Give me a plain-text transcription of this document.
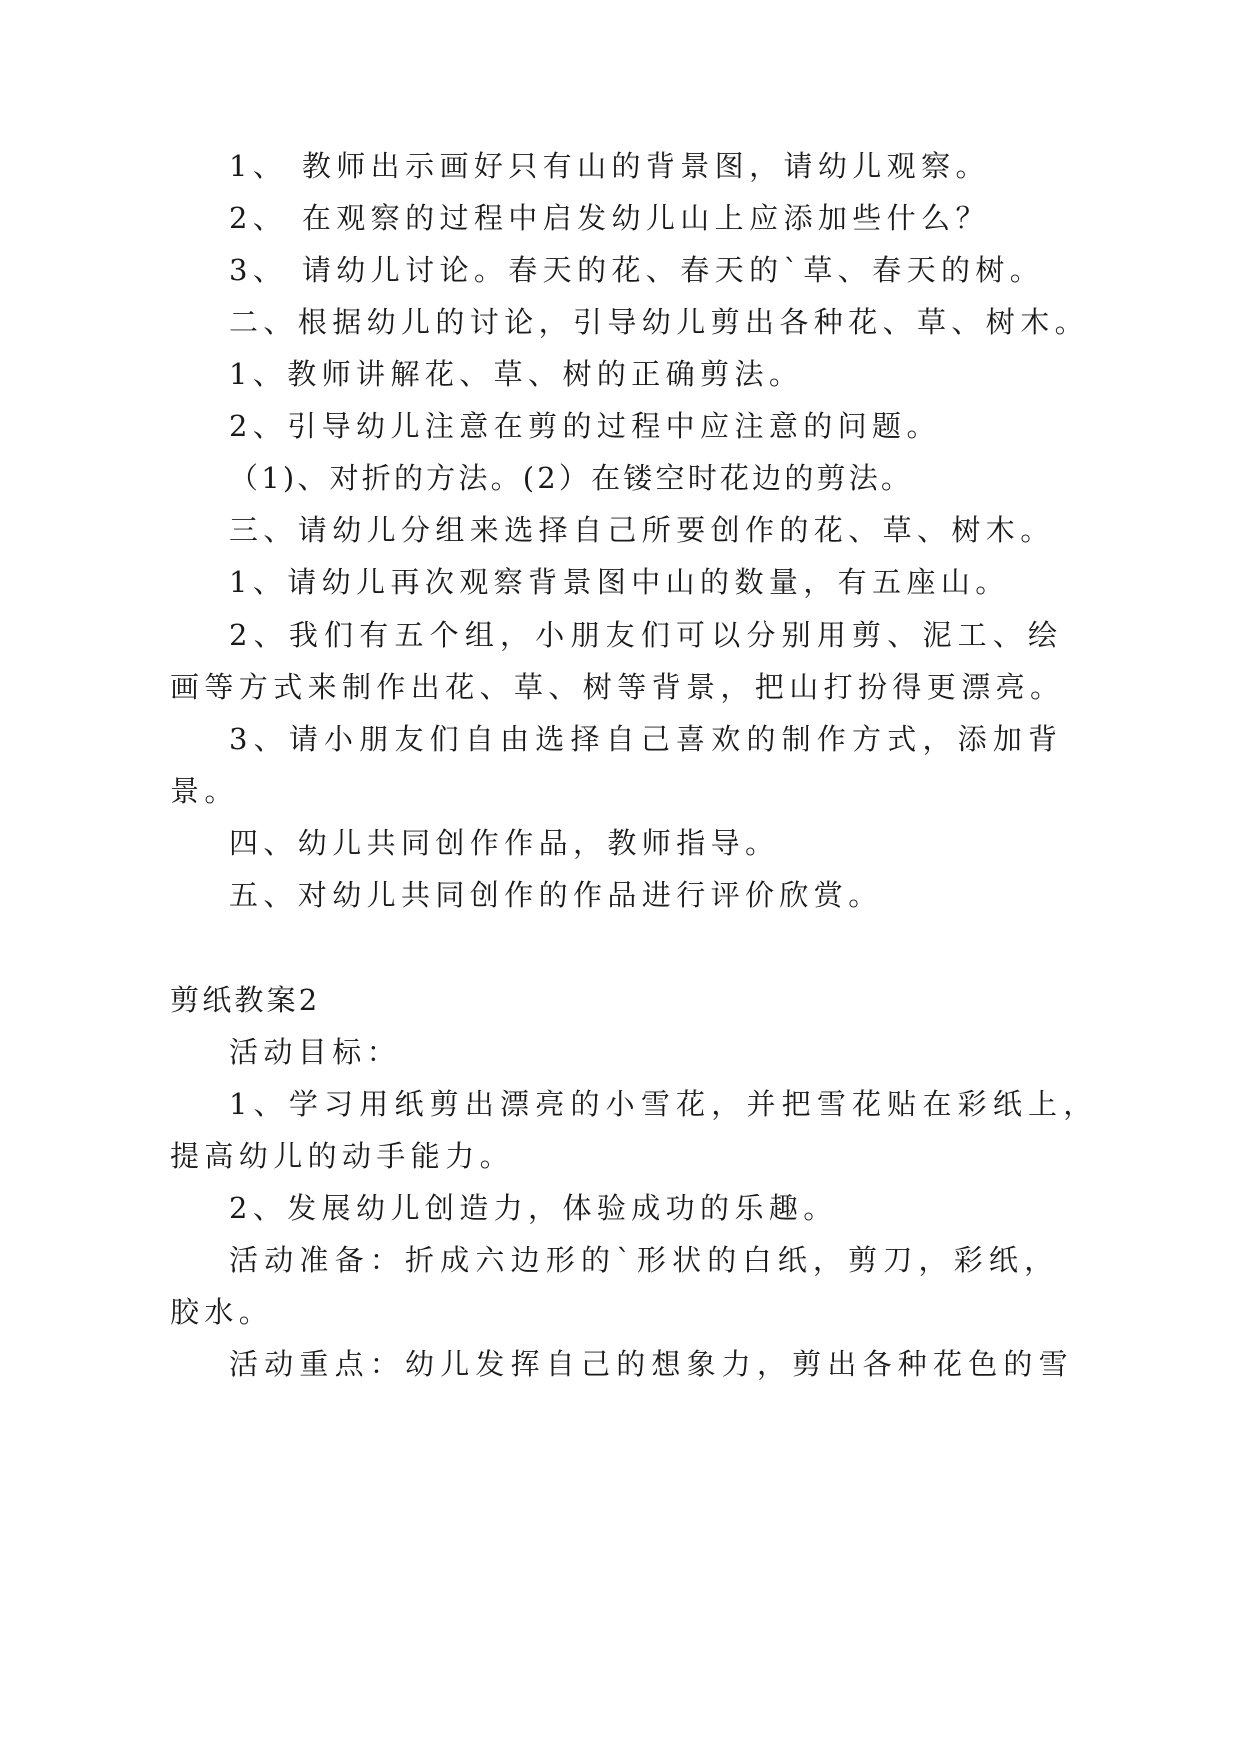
1、 教师出示画好只有山的背景图，请幼儿观察。
2、 在观察的过程中启发幼儿山上应添加些什么？
3、 请幼儿讨论。春天的花、春天的`草、春天的树。
二、根据幼儿的讨论，引导幼儿剪出各种花、草、树木。
1、教师讲解花、草、树的正确剪法。
2、引导幼儿注意在剪的过程中应注意的问题。
（1)、对折的方法。(2）在镂空时花边的剪法。
三、请幼儿分组来选择自己所要创作的花、草、树木。
1、请幼儿再次观察背景图中山的数量，有五座山。
2、我们有五个组，小朋友们可以分别用剪、泥工、绘
画等方式来制作出花、草、树等背景，把山打扮得更漂亮。
3、请小朋友们自由选择自己喜欢的制作方式，添加背
景。
四、幼儿共同创作作品，教师指导。
五、对幼儿共同创作的作品进行评价欣赏。
剪纸教案2
活动目标：
1、学习用纸剪出漂亮的小雪花，并把雪花贴在彩纸上，
提高幼儿的动手能力。
2、发展幼儿创造力，体验成功的乐趣。
活动准备：折成六边形的`形状的白纸，剪刀，彩纸，
胶水。
活动重点：幼儿发挥自己的想象力，剪出各种花色的雪
